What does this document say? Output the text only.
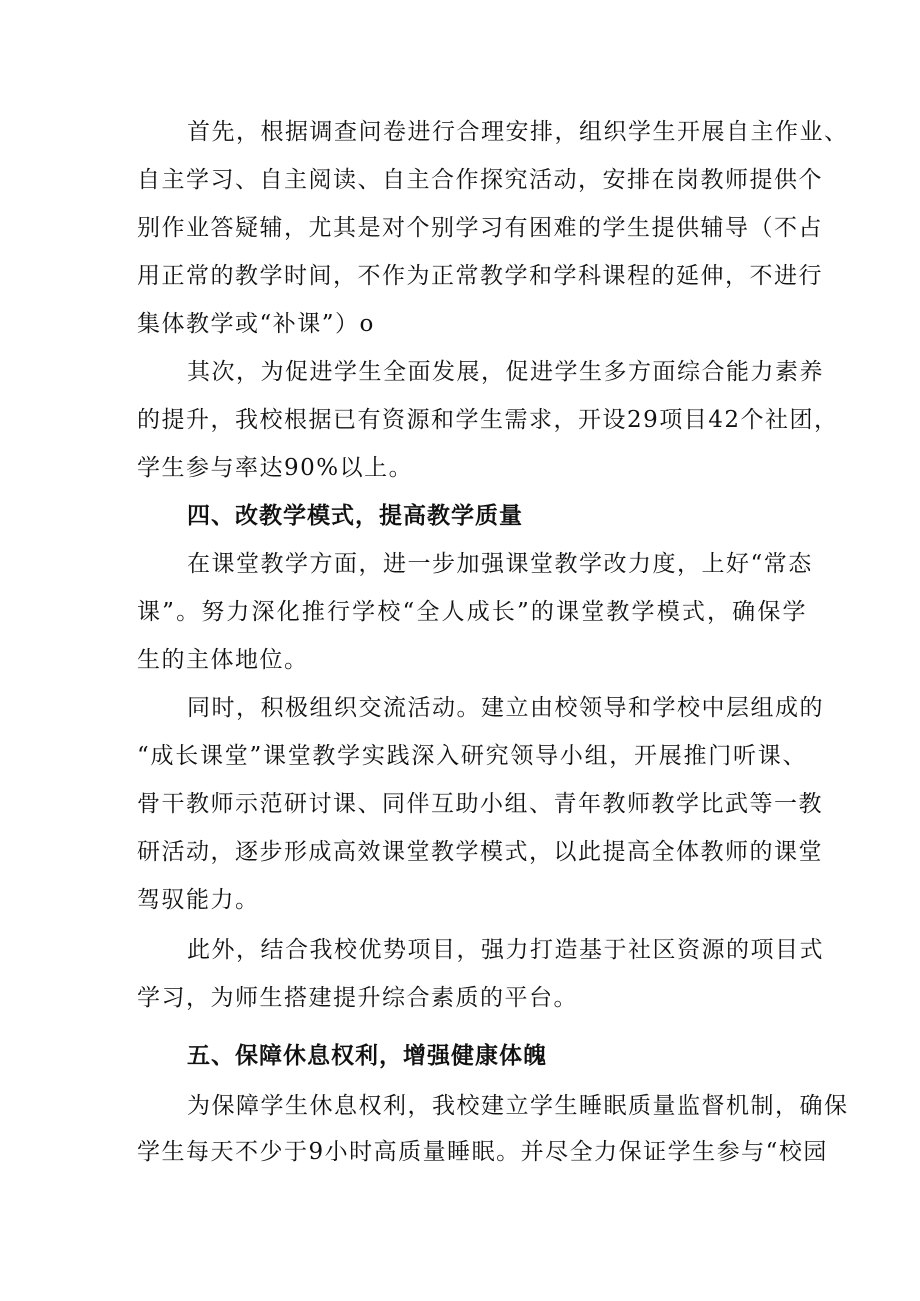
首先，根据调查问卷进行合理安排，组织学生开展自主作业、
自主学习、自主阅读、自主合作探究活动，安排在岗教师提供个
别作业答疑辅，尤其是对个别学习有困难的学生提供辅导（不占
用正常的教学时间，不作为正常教学和学科课程的延伸，不进行
集体教学或“补课”）o
其次，为促进学生全面发展，促进学生多方面综合能力素养
的提升，我校根据已有资源和学生需求，开设29项目42个社团，
学生参与率达90%以上。
四、改教学模式，提高教学质量
在课堂教学方面，进一步加强课堂教学改力度，上好“常态
课”。努力深化推行学校“全人成长”的课堂教学模式，确保学
生的主体地位。
同时，积极组织交流活动。建立由校领导和学校中层组成的
“成长课堂”课堂教学实践深入研究领导小组，开展推门听课、
骨干教师示范研讨课、同伴互助小组、青年教师教学比武等一教
研活动，逐步形成高效课堂教学模式，以此提高全体教师的课堂
驾驭能力。
此外，结合我校优势项目，强力打造基于社区资源的项目式
学习，为师生搭建提升综合素质的平台。
五、保障休息权利，增强健康体魄
为保障学生休息权利，我校建立学生睡眠质量监督机制，确保
学生每天不少于9小时高质量睡眠。并尽全力保证学生参与“校园
